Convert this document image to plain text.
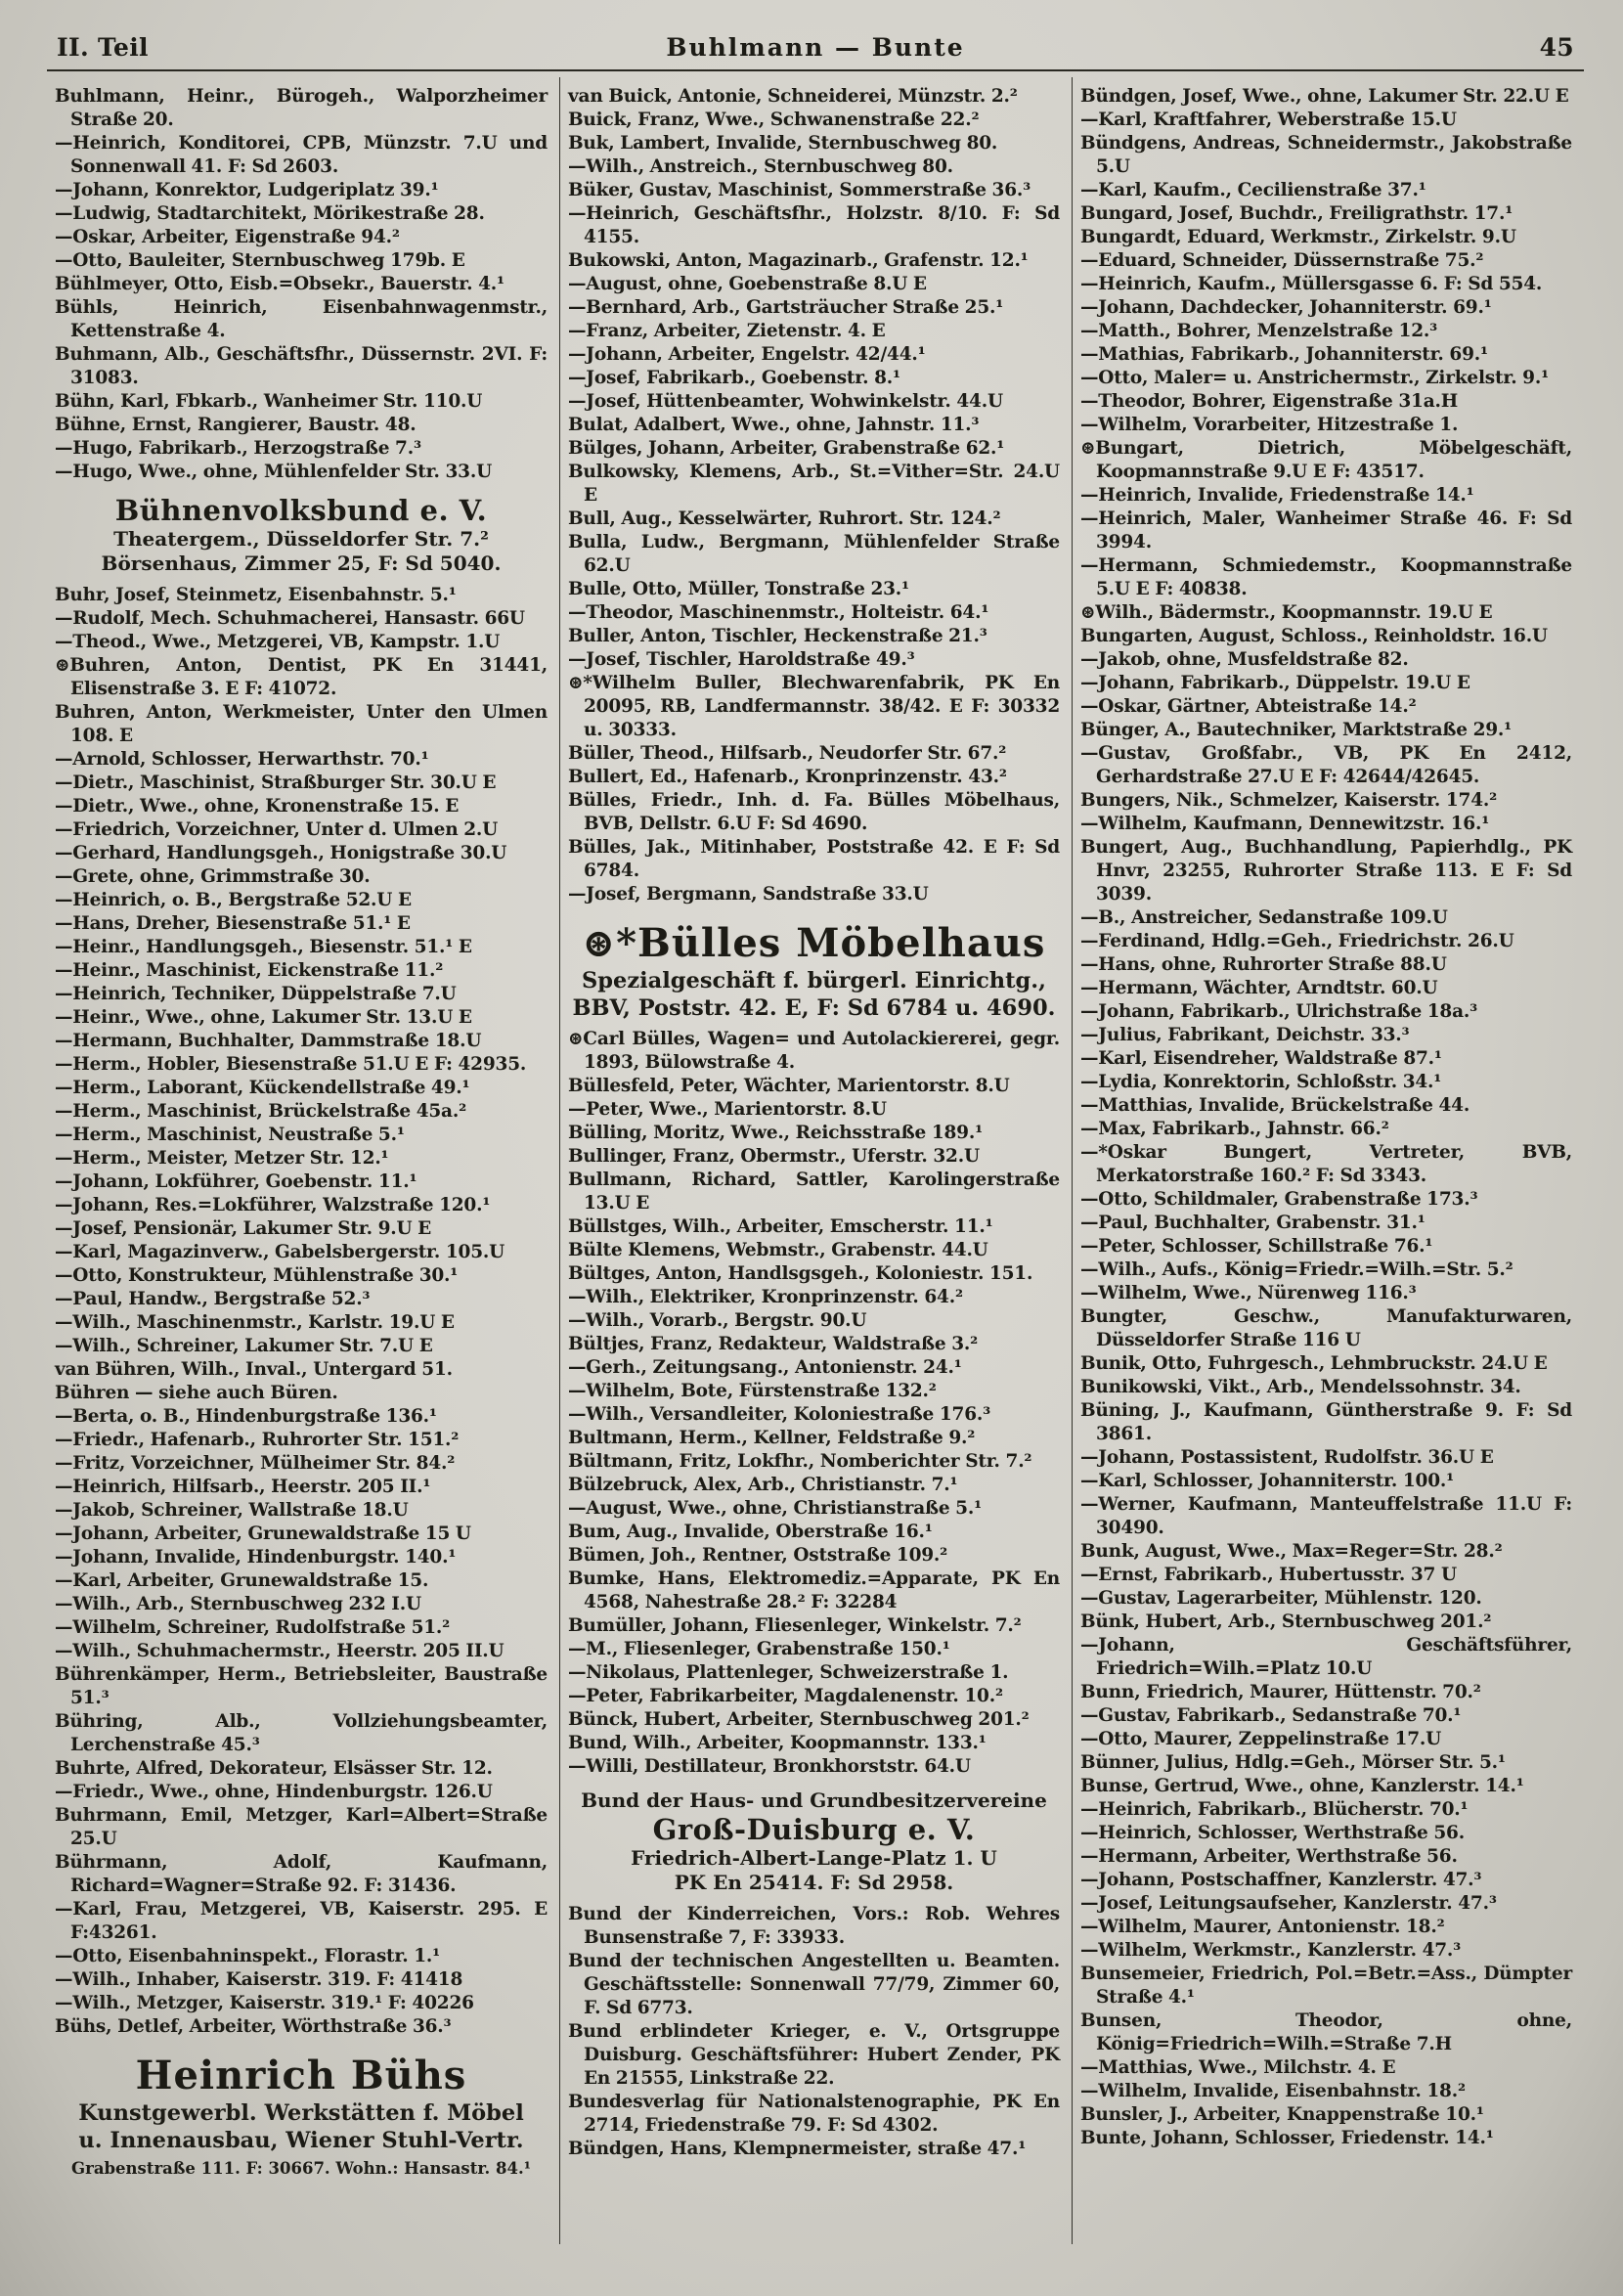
II. Teil	Buhlmann — Bunte	45

Buhlmann, Heinr., Bürogeh., Walporzheimer Straße 20.

—Heinrich, Konditorei, CPB, Münzstr. 7.U und Sonnenwall 41. F: Sd 2603.

—Johann, Konrektor, Ludgeriplatz 39.¹

—Ludwig, Stadtarchitekt, Mörikestraße 28.

—Oskar, Arbeiter, Eigenstraße 94.²

—Otto, Bauleiter, Sternbuschweg 179b. E

Bühlmeyer, Otto, Eisb.=Obsekr., Bauerstr. 4.¹

Bühls, Heinrich, Eisenbahnwagenmstr., Kettenstraße 4.

Buhmann, Alb., Geschäftsfhr., Düssernstr. 2VI. F: 31083.

Bühn, Karl, Fbkarb., Wanheimer Str. 110.U

Bühne, Ernst, Rangierer, Baustr. 48.

—Hugo, Fabrikarb., Herzogstraße 7.³

—Hugo, Wwe., ohne, Mühlenfelder Str. 33.U

Bühnenvolksbund e. V.
Theatergem., Düsseldorfer Str. 7.²
Börsenhaus, Zimmer 25, F: Sd 5040.

Buhr, Josef, Steinmetz, Eisenbahnstr. 5.¹

—Rudolf, Mech. Schuhmacherei, Hansastr. 66U

—Theod., Wwe., Metzgerei, VB, Kampstr. 1.U

⊛Buhren, Anton, Dentist, PK En 31441, Elisenstraße 3. E F: 41072.

Buhren, Anton, Werkmeister, Unter den Ulmen 108. E

—Arnold, Schlosser, Herwarthstr. 70.¹

—Dietr., Maschinist, Straßburger Str. 30.U E

—Dietr., Wwe., ohne, Kronenstraße 15. E

—Friedrich, Vorzeichner, Unter d. Ulmen 2.U

—Gerhard, Handlungsgeh., Honigstraße 30.U

—Grete, ohne, Grimmstraße 30.

—Heinrich, o. B., Bergstraße 52.U E

—Hans, Dreher, Biesenstraße 51.¹ E

—Heinr., Handlungsgeh., Biesenstr. 51.¹ E

—Heinr., Maschinist, Eickenstraße 11.²

—Heinrich, Techniker, Düppelstraße 7.U

—Heinr., Wwe., ohne, Lakumer Str. 13.U E

—Hermann, Buchhalter, Dammstraße 18.U

—Herm., Hobler, Biesenstraße 51.U E F: 42935.

—Herm., Laborant, Kückendellstraße 49.¹

—Herm., Maschinist, Brückelstraße 45a.²

—Herm., Maschinist, Neustraße 5.¹

—Herm., Meister, Metzer Str. 12.¹

—Johann, Lokführer, Goebenstr. 11.¹

—Johann, Res.=Lokführer, Walzstraße 120.¹

—Josef, Pensionär, Lakumer Str. 9.U E

—Karl, Magazinverw., Gabelsbergerstr. 105.U

—Otto, Konstrukteur, Mühlenstraße 30.¹

—Paul, Handw., Bergstraße 52.³

—Wilh., Maschinenmstr., Karlstr. 19.U E

—Wilh., Schreiner, Lakumer Str. 7.U E

van Bühren, Wilh., Inval., Untergard 51.

Bühren — siehe auch Büren.

—Berta, o. B., Hindenburgstraße 136.¹

—Friedr., Hafenarb., Ruhrorter Str. 151.²

—Fritz, Vorzeichner, Mülheimer Str. 84.²

—Heinrich, Hilfsarb., Heerstr. 205 II.¹

—Jakob, Schreiner, Wallstraße 18.U

—Johann, Arbeiter, Grunewaldstraße 15 U

—Johann, Invalide, Hindenburgstr. 140.¹

—Karl, Arbeiter, Grunewaldstraße 15.

—Wilh., Arb., Sternbuschweg 232 I.U

—Wilhelm, Schreiner, Rudolfstraße 51.²

—Wilh., Schuhmachermstr., Heerstr. 205 II.U

Bührenkämper, Herm., Betriebsleiter, Baustraße 51.³

Bühring, Alb., Vollziehungsbeamter, Lerchenstraße 45.³

Buhrte, Alfred, Dekorateur, Elsässer Str. 12.

—Friedr., Wwe., ohne, Hindenburgstr. 126.U

Buhrmann, Emil, Metzger, Karl=Albert=Straße 25.U

Bührmann, Adolf, Kaufmann, Richard=Wagner=Straße 92. F: 31436.

—Karl, Frau, Metzgerei, VB, Kaiserstr. 295. E F:43261.

—Otto, Eisenbahninspekt., Florastr. 1.¹

—Wilh., Inhaber, Kaiserstr. 319. F: 41418

—Wilh., Metzger, Kaiserstr. 319.¹ F: 40226

Bühs, Detlef, Arbeiter, Wörthstraße 36.³

Heinrich Bühs
Kunstgewerbl. Werkstätten f. Möbel
u. Innenausbau, Wiener Stuhl-Vertr.
Grabenstraße 111. F: 30667. Wohn.: Hansastr. 84.¹

van Buick, Antonie, Schneiderei, Münzstr. 2.²

Buick, Franz, Wwe., Schwanenstraße 22.²

Buk, Lambert, Invalide, Sternbuschweg 80.

—Wilh., Anstreich., Sternbuschweg 80.

Büker, Gustav, Maschinist, Sommerstraße 36.³

—Heinrich, Geschäftsfhr., Holzstr. 8/10. F: Sd 4155.

Bukowski, Anton, Magazinarb., Grafenstr. 12.¹

—August, ohne, Goebenstraße 8.U E

—Bernhard, Arb., Gartsträucher Straße 25.¹

—Franz, Arbeiter, Zietenstr. 4. E

—Johann, Arbeiter, Engelstr. 42/44.¹

—Josef, Fabrikarb., Goebenstr. 8.¹

—Josef, Hüttenbeamter, Wohwinkelstr. 44.U

Bulat, Adalbert, Wwe., ohne, Jahnstr. 11.³

Bülges, Johann, Arbeiter, Grabenstraße 62.¹

Bulkowsky, Klemens, Arb., St.=Vither=Str. 24.U E

Bull, Aug., Kesselwärter, Ruhrort. Str. 124.²

Bulla, Ludw., Bergmann, Mühlenfelder Straße 62.U

Bulle, Otto, Müller, Tonstraße 23.¹

—Theodor, Maschinenmstr., Holteistr. 64.¹

Buller, Anton, Tischler, Heckenstraße 21.³

—Josef, Tischler, Haroldstraße 49.³

⊛*Wilhelm Buller, Blechwarenfabrik, PK En 20095, RB, Landfermannstr. 38/42. E F: 30332 u. 30333.

Büller, Theod., Hilfsarb., Neudorfer Str. 67.²

Bullert, Ed., Hafenarb., Kronprinzenstr. 43.²

Bülles, Friedr., Inh. d. Fa. Bülles Möbelhaus, BVB, Dellstr. 6.U F: Sd 4690.

Bülles, Jak., Mitinhaber, Poststraße 42. E F: Sd 6784.

—Josef, Bergmann, Sandstraße 33.U

⊛*Bülles Möbelhaus
Spezialgeschäft f. bürgerl. Einrichtg.,
BBV, Poststr. 42. E, F: Sd 6784 u. 4690.

⊛Carl Bülles, Wagen= und Autolackiererei, gegr. 1893, Bülowstraße 4.

Büllesfeld, Peter, Wächter, Marientorstr. 8.U

—Peter, Wwe., Marientorstr. 8.U

Bülling, Moritz, Wwe., Reichsstraße 189.¹

Bullinger, Franz, Obermstr., Uferstr. 32.U

Bullmann, Richard, Sattler, Karolingerstraße 13.U E

Büllstges, Wilh., Arbeiter, Emscherstr. 11.¹

Bülte Klemens, Webmstr., Grabenstr. 44.U

Bültges, Anton, Handlsgsgeh., Koloniestr. 151.

—Wilh., Elektriker, Kronprinzenstr. 64.²

—Wilh., Vorarb., Bergstr. 90.U

Bültjes, Franz, Redakteur, Waldstraße 3.²

—Gerh., Zeitungsang., Antonienstr. 24.¹

—Wilhelm, Bote, Fürstenstraße 132.²

—Wilh., Versandleiter, Koloniestraße 176.³

Bultmann, Herm., Kellner, Feldstraße 9.²

Bültmann, Fritz, Lokfhr., Nomberichter Str. 7.²

Bülzebruck, Alex, Arb., Christianstr. 7.¹

—August, Wwe., ohne, Christianstraße 5.¹

Bum, Aug., Invalide, Oberstraße 16.¹

Bümen, Joh., Rentner, Oststraße 109.²

Bumke, Hans, Elektromediz.=Apparate, PK En 4568, Nahestraße 28.² F: 32284

Bumüller, Johann, Fliesenleger, Winkelstr. 7.²

—M., Fliesenleger, Grabenstraße 150.¹

—Nikolaus, Plattenleger, Schweizerstraße 1.

—Peter, Fabrikarbeiter, Magdalenenstr. 10.²

Bünck, Hubert, Arbeiter, Sternbuschweg 201.²

Bund, Wilh., Arbeiter, Koopmannstr. 133.¹

—Willi, Destillateur, Bronkhorststr. 64.U

Bund der Haus- und Grundbesitzervereine
Groß-Duisburg e. V.
Friedrich-Albert-Lange-Platz 1. U
PK En 25414. F: Sd 2958.

Bund der Kinderreichen, Vors.: Rob. Wehres Bunsenstraße 7, F: 33933.

Bund der technischen Angestellten u. Beamten. Geschäftsstelle: Sonnenwall 77/79, Zimmer 60, F. Sd 6773.

Bund erblindeter Krieger, e. V., Ortsgruppe Duisburg. Geschäftsführer: Hubert Zender, PK En 21555, Linkstraße 22.

Bundesverlag für Nationalstenographie, PK En 2714, Friedenstraße 79. F: Sd 4302.

Bündgen, Hans, Klempnermeister, straße 47.¹

Bündgen, Josef, Wwe., ohne, Lakumer Str. 22.U E

—Karl, Kraftfahrer, Weberstraße 15.U

Bündgens, Andreas, Schneidermstr., Jakobstraße 5.U

—Karl, Kaufm., Cecilienstraße 37.¹

Bungard, Josef, Buchdr., Freiligrathstr. 17.¹

Bungardt, Eduard, Werkmstr., Zirkelstr. 9.U

—Eduard, Schneider, Düssernstraße 75.²

—Heinrich, Kaufm., Müllersgasse 6. F: Sd 554.

—Johann, Dachdecker, Johanniterstr. 69.¹

—Matth., Bohrer, Menzelstraße 12.³

—Mathias, Fabrikarb., Johanniterstr. 69.¹

—Otto, Maler= u. Anstrichermstr., Zirkelstr. 9.¹

—Theodor, Bohrer, Eigenstraße 31a.H

—Wilhelm, Vorarbeiter, Hitzestraße 1.

⊛Bungart, Dietrich, Möbelgeschäft, Koopmannstraße 9.U E F: 43517.

—Heinrich, Invalide, Friedenstraße 14.¹

—Heinrich, Maler, Wanheimer Straße 46. F: Sd 3994.

—Hermann, Schmiedemstr., Koopmannstraße 5.U E F: 40838.

⊛Wilh., Bädermstr., Koopmannstr. 19.U E

Bungarten, August, Schloss., Reinholdstr. 16.U

—Jakob, ohne, Musfeldstraße 82.

—Johann, Fabrikarb., Düppelstr. 19.U E

—Oskar, Gärtner, Abteistraße 14.²

Bünger, A., Bautechniker, Marktstraße 29.¹

—Gustav, Großfabr., VB, PK En 2412, Gerhardstraße 27.U E F: 42644/42645.

Bungers, Nik., Schmelzer, Kaiserstr. 174.²

—Wilhelm, Kaufmann, Dennewitzstr. 16.¹

Bungert, Aug., Buchhandlung, Papierhdlg., PK Hnvr, 23255, Ruhrorter Straße 113. E F: Sd 3039.

—B., Anstreicher, Sedanstraße 109.U

—Ferdinand, Hdlg.=Geh., Friedrichstr. 26.U

—Hans, ohne, Ruhrorter Straße 88.U

—Hermann, Wächter, Arndtstr. 60.U

—Johann, Fabrikarb., Ulrichstraße 18a.³

—Julius, Fabrikant, Deichstr. 33.³

—Karl, Eisendreher, Waldstraße 87.¹

—Lydia, Konrektorin, Schloßstr. 34.¹

—Matthias, Invalide, Brückelstraße 44.

—Max, Fabrikarb., Jahnstr. 66.²

—*Oskar Bungert, Vertreter, BVB, Merkatorstraße 160.² F: Sd 3343.

—Otto, Schildmaler, Grabenstraße 173.³

—Paul, Buchhalter, Grabenstr. 31.¹

—Peter, Schlosser, Schillstraße 76.¹

—Wilh., Aufs., König=Friedr.=Wilh.=Str. 5.²

—Wilhelm, Wwe., Nürenweg 116.³

Bungter, Geschw., Manufakturwaren, Düsseldorfer Straße 116 U

Bunik, Otto, Fuhrgesch., Lehmbruckstr. 24.U E

Bunikowski, Vikt., Arb., Mendelssohnstr. 34.

Büning, J., Kaufmann, Güntherstraße 9. F: Sd 3861.

—Johann, Postassistent, Rudolfstr. 36.U E

—Karl, Schlosser, Johanniterstr. 100.¹

—Werner, Kaufmann, Manteuffelstraße 11.U F: 30490.

Bunk, August, Wwe., Max=Reger=Str. 28.²

—Ernst, Fabrikarb., Hubertusstr. 37 U

—Gustav, Lagerarbeiter, Mühlenstr. 120.

Bünk, Hubert, Arb., Sternbuschweg 201.²

—Johann, Geschäftsführer, Friedrich=Wilh.=Platz 10.U

Bunn, Friedrich, Maurer, Hüttenstr. 70.²

—Gustav, Fabrikarb., Sedanstraße 70.¹

—Otto, Maurer, Zeppelinstraße 17.U

Bünner, Julius, Hdlg.=Geh., Mörser Str. 5.¹

Bunse, Gertrud, Wwe., ohne, Kanzlerstr. 14.¹

—Heinrich, Fabrikarb., Blücherstr. 70.¹

—Heinrich, Schlosser, Werthstraße 56.

—Hermann, Arbeiter, Werthstraße 56.

—Johann, Postschaffner, Kanzlerstr. 47.³

—Josef, Leitungsaufseher, Kanzlerstr. 47.³

—Wilhelm, Maurer, Antonienstr. 18.²

—Wilhelm, Werkmstr., Kanzlerstr. 47.³

Bunsemeier, Friedrich, Pol.=Betr.=Ass., Dümpter Straße 4.¹

Bunsen, Theodor, ohne, König=Friedrich=Wilh.=Straße 7.H

—Matthias, Wwe., Milchstr. 4. E

—Wilhelm, Invalide, Eisenbahnstr. 18.²

Bunsler, J., Arbeiter, Knappenstraße 10.¹

Bunte, Johann, Schlosser, Friedenstr. 14.¹
